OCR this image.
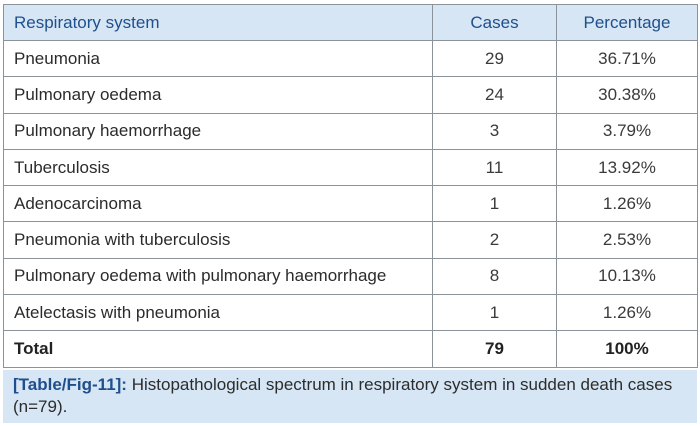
Respiratory system	Cases	Percentage
Pneumonia	29	36.71%
Pulmonary oedema	24	30.38%
Pulmonary haemorrhage	3	3.79%
Tuberculosis	11	13.92%
Adenocarcinoma	1	1.26%
Pneumonia with tuberculosis	2	2.53%
Pulmonary oedema with pulmonary haemorrhage	8	10.13%
Atelectasis with pneumonia	1	1.26%
Total	79	100%
[Table/Fig-11]: Histopathological spectrum in respiratory system in sudden death cases (n=79).
